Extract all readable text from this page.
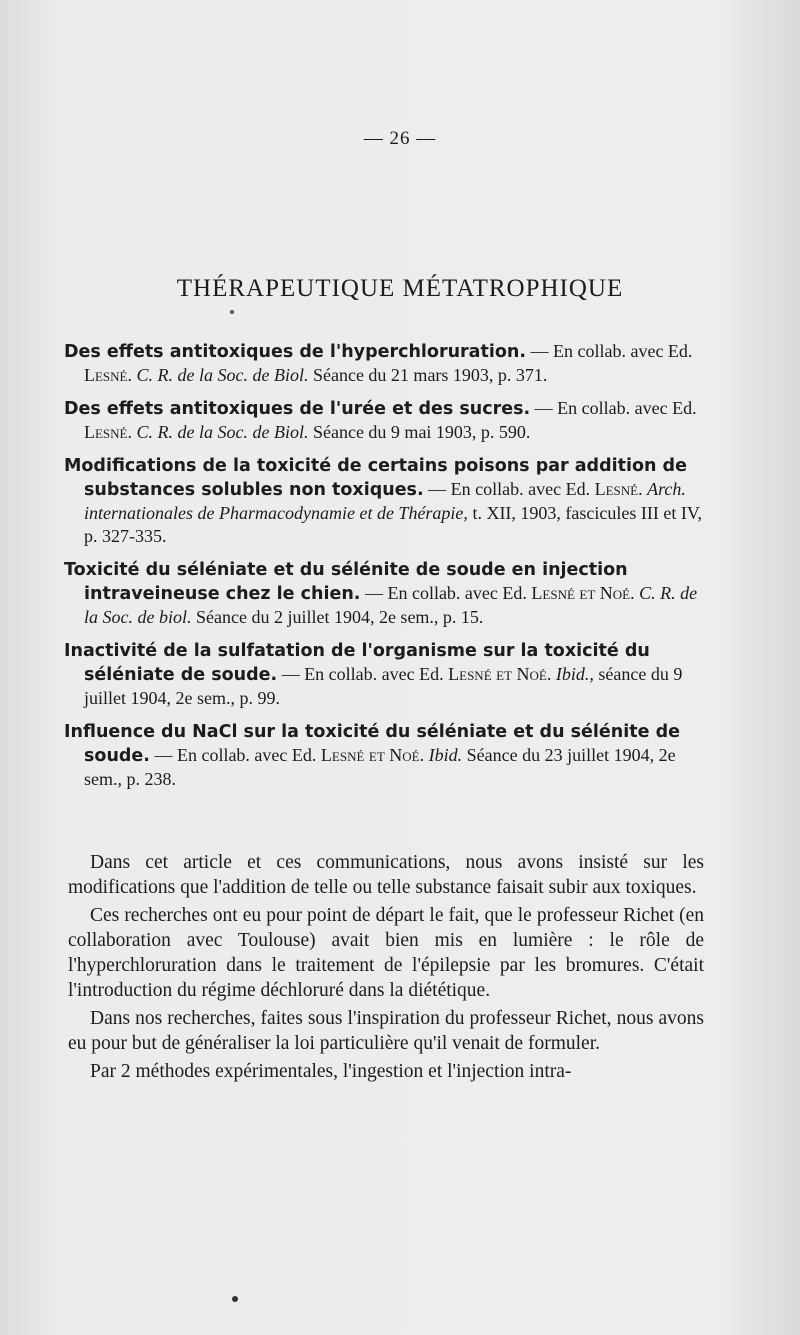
— 26 —
THÉRAPEUTIQUE MÉTATROPHIQUE

Des effets antitoxiques de l'hyperchloruration. — En collab. avec Ed. Lesné. C. R. de la Soc. de Biol. Séance du 21 mars 1903, p. 371.

Des effets antitoxiques de l'urée et des sucres. — En collab. avec Ed. Lesné. C. R. de la Soc. de Biol. Séance du 9 mai 1903, p. 590.

Modifications de la toxicité de certains poisons par addition de substances solubles non toxiques. — En collab. avec Ed. Lesné. Arch. internationales de Pharmacodynamie et de Thérapie, t. XII, 1903, fascicules III et IV, p. 327-335.

Toxicité du séléniate et du sélénite de soude en injection intraveineuse chez le chien. — En collab. avec Ed. Lesné et Noé. C. R. de la Soc. de biol. Séance du 2 juillet 1904, 2e sem., p. 15.

Inactivité de la sulfatation de l'organisme sur la toxicité du séléniate de soude. — En collab. avec Ed. Lesné et Noé. Ibid., séance du 9 juillet 1904, 2e sem., p. 99.

Influence du NaCl sur la toxicité du séléniate et du sélénite de soude. — En collab. avec Ed. Lesné et Noé. Ibid. Séance du 23 juillet 1904, 2e sem., p. 238.

Dans cet article et ces communications, nous avons insisté sur les modifications que l'addition de telle ou telle substance faisait subir aux toxiques.

Ces recherches ont eu pour point de départ le fait, que le professeur Richet (en collaboration avec Toulouse) avait bien mis en lumière : le rôle de l'hyperchloruration dans le traitement de l'épilepsie par les bromures. C'était l'introduction du régime déchloruré dans la diététique.

Dans nos recherches, faites sous l'inspiration du professeur Richet, nous avons eu pour but de généraliser la loi particulière qu'il venait de formuler.

Par 2 méthodes expérimentales, l'ingestion et l'injection intra-
